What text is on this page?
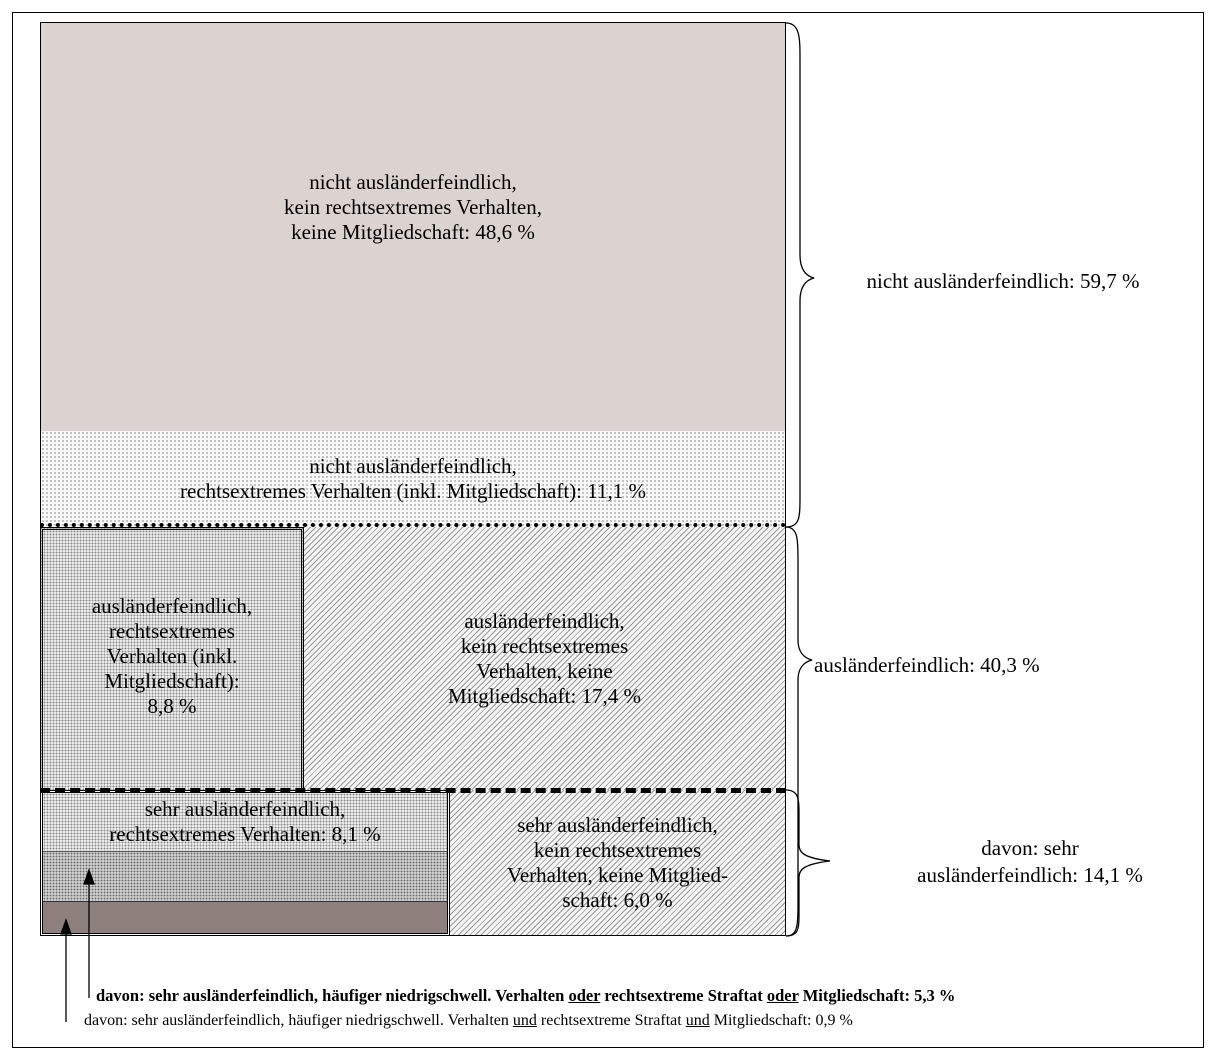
nicht ausländerfeindlich,
kein rechtsextremes Verhalten,
keine Mitgliedschaft: 48,6 %
nicht ausländerfeindlich,
rechtsextremes Verhalten (inkl. Mitgliedschaft): 11,1 %
ausländerfeindlich,
kein rechtsextremes
Verhalten, keine
Mitgliedschaft: 17,4 %
ausländerfeindlich,
rechtsextremes
Verhalten (inkl.
Mitgliedschaft):
8,8 %
sehr ausländerfeindlich,
kein rechtsextremes
Verhalten, keine Mitglied-
schaft: 6,0 %
sehr ausländerfeindlich,
rechtsextremes Verhalten: 8,1 %
nicht ausländerfeindlich: 59,7 %
ausländerfeindlich: 40,3 %
davon: sehr
ausländerfeindlich: 14,1 %
davon: sehr ausländerfeindlich, häufiger niedrigschwell. Verhalten oder rechtsextreme Straftat oder Mitgliedschaft: 5,3 %
davon: sehr ausländerfeindlich, häufiger niedrigschwell. Verhalten und rechtsextreme Straftat und Mitgliedschaft: 0,9 %
